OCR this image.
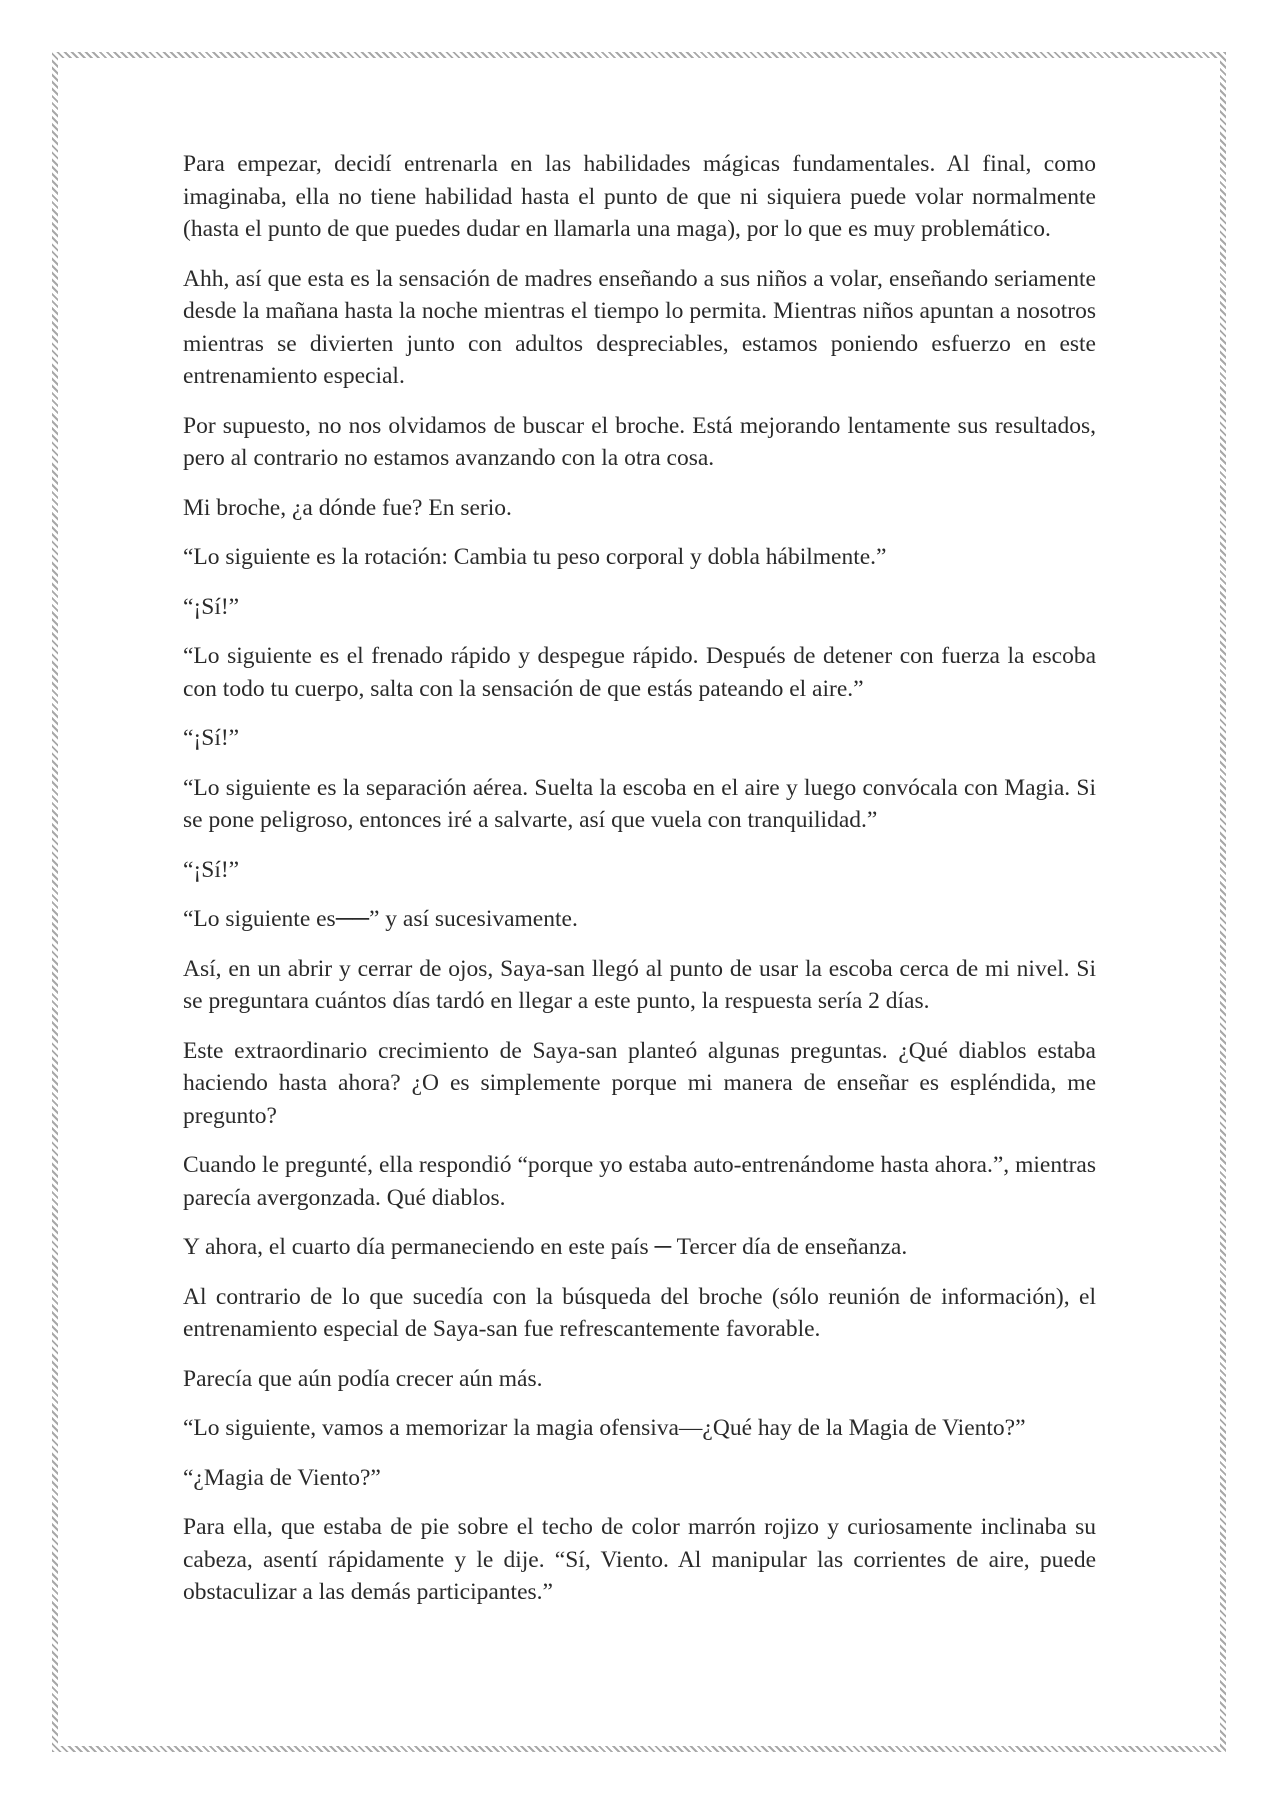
Para empezar, decidí entrenarla en las habilidades mágicas fundamentales. Al final, como imaginaba, ella no tiene habilidad hasta el punto de que ni siquiera puede volar normalmente (hasta el punto de que puedes dudar en llamarla una maga), por lo que es muy problemático.

Ahh, así que esta es la sensación de madres enseñando a sus niños a volar, enseñando seriamente desde la mañana hasta la noche mientras el tiempo lo permita. Mientras niños apuntan a nosotros mientras se divierten junto con adultos despreciables, estamos poniendo esfuerzo en este entrenamiento especial.

Por supuesto, no nos olvidamos de buscar el broche. Está mejorando lentamente sus resultados, pero al contrario no estamos avanzando con la otra cosa.

Mi broche, ¿a dónde fue? En serio.

“Lo siguiente es la rotación: Cambia tu peso corporal y dobla hábilmente.”

“¡Sí!”

“Lo siguiente es el frenado rápido y despegue rápido. Después de detener con fuerza la escoba con todo tu cuerpo, salta con la sensación de que estás pateando el aire.”

“¡Sí!”

“Lo siguiente es la separación aérea. Suelta la escoba en el aire y luego convócala con Magia. Si se pone peligroso, entonces iré a salvarte, así que vuela con tranquilidad.”

“¡Sí!”

“Lo siguiente es──” y así sucesivamente.

Así, en un abrir y cerrar de ojos, Saya-san llegó al punto de usar la escoba cerca de mi nivel. Si se preguntara cuántos días tardó en llegar a este punto, la respuesta sería 2 días.

Este extraordinario crecimiento de Saya-san planteó algunas preguntas. ¿Qué diablos estaba haciendo hasta ahora? ¿O es simplemente porque mi manera de enseñar es espléndida, me pregunto?

Cuando le pregunté, ella respondió “porque yo estaba auto-entrenándome hasta ahora.”, mientras parecía avergonzada. Qué diablos.

Y ahora, el cuarto día permaneciendo en este país ─ Tercer día de enseñanza.

Al contrario de lo que sucedía con la búsqueda del broche (sólo reunión de información), el entrenamiento especial de Saya-san fue refrescantemente favorable.

Parecía que aún podía crecer aún más.

“Lo siguiente, vamos a memorizar la magia ofensiva—¿Qué hay de la Magia de Viento?”

“¿Magia de Viento?”

Para ella, que estaba de pie sobre el techo de color marrón rojizo y curiosamente inclinaba su cabeza, asentí rápidamente y le dije. “Sí, Viento. Al manipular las corrientes de aire, puede obstaculizar a las demás participantes.”
